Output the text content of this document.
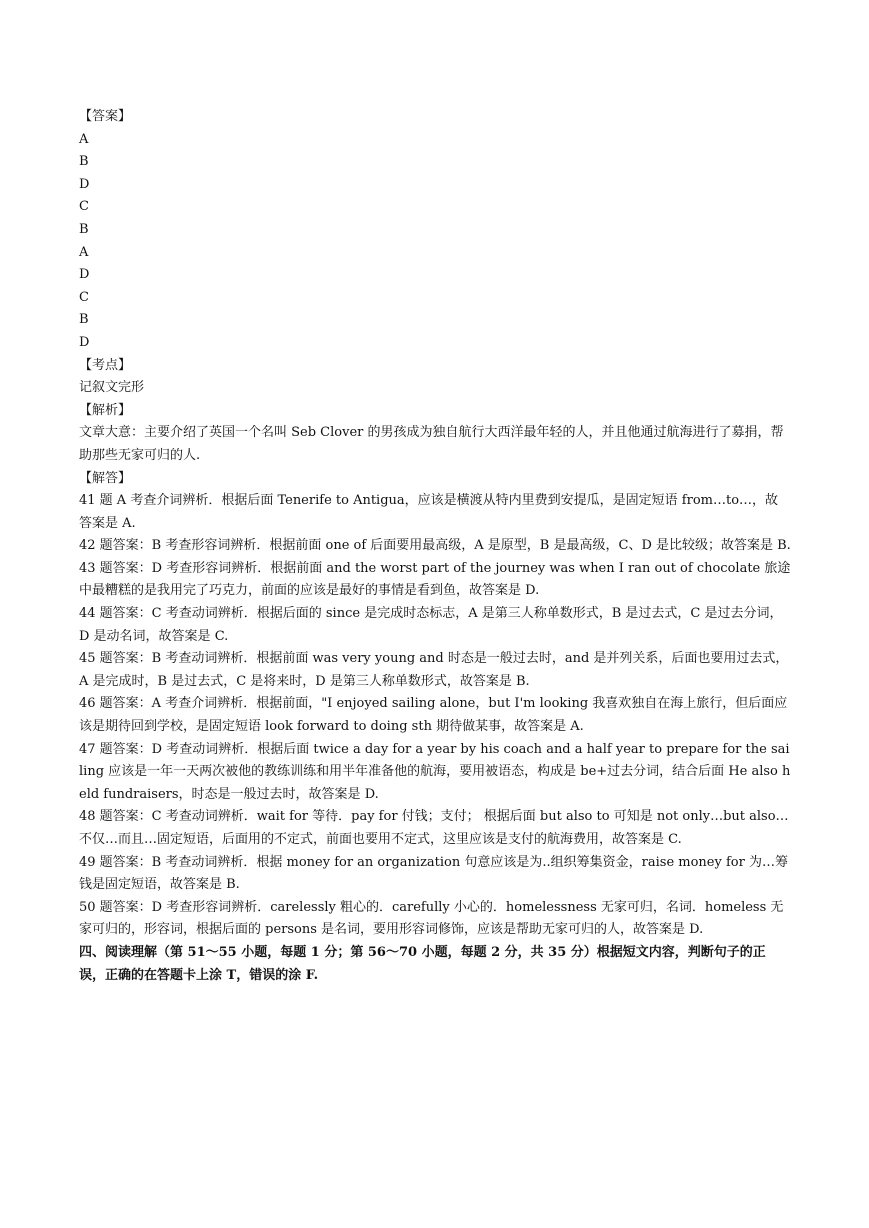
【答案】

A

B

D

C

B

A

D

C

B

D

【考点】

记叙文完形

【解析】

文章大意：主要介绍了英国一个名叫 Seb Clover 的男孩成为独自航行大西洋最年轻的人，并且他通过航海进行了募捐，帮助那些无家可归的人.

【解答】

41 题 A 考查介词辨析．根据后面 Tenerife to Antigua，应该是横渡从特内里费到安提瓜，是固定短语 from…to…，故答案是 A.

42 题答案：B 考查形容词辨析．根据前面 one of 后面要用最高级，A 是原型，B 是最高级，C、D 是比较级；故答案是 B.

43 题答案：D 考查形容词辨析．根据前面 and the worst part of the journey was when I ran out of chocolate 旅途中最糟糕的是我用完了巧克力，前面的应该是最好的事情是看到鱼，故答案是 D.

44 题答案：C 考查动词辨析．根据后面的 since 是完成时态标志，A 是第三人称单数形式，B 是过去式，C 是过去分词，D 是动名词，故答案是 C.

45 题答案：B 考查动词辨析．根据前面 was very young and 时态是一般过去时，and 是并列关系，后面也要用过去式，A 是完成时，B 是过去式，C 是将来时，D 是第三人称单数形式，故答案是 B.

46 题答案：A 考查介词辨析．根据前面，"I enjoyed sailing alone，but I'm looking 我喜欢独自在海上旅行，但后面应该是期待回到学校，是固定短语 look forward to doing sth 期待做某事，故答案是 A.

47 题答案：D 考查动词辨析．根据后面 twice a day for a year by his coach and a half year to prepare for the sailing 应该是一年一天两次被他的教练训练和用半年准备他的航海，要用被语态，构成是 be+过去分词，结合后面 He also held fundraisers，时态是一般过去时，故答案是 D.

48 题答案：C 考查动词辨析．wait for 等待．pay for 付钱；支付； 根据后面 but also to 可知是 not only…but also…不仅…而且…固定短语，后面用的不定式，前面也要用不定式，这里应该是支付的航海费用，故答案是 C.

49 题答案：B 考查动词辨析．根据 money for an organization 句意应该是为..组织筹集资金，raise money for 为…筹钱是固定短语，故答案是 B.

50 题答案：D 考查形容词辨析．carelessly 粗心的．carefully 小心的．homelessness 无家可归，名词．homeless 无家可归的，形容词，根据后面的 persons 是名词，要用形容词修饰，应该是帮助无家可归的人，故答案是 D.

四、阅读理解（第 51～55 小题，每题 1 分；第 56～70 小题，每题 2 分，共 35 分）根据短文内容，判断句子的正误，正确的在答题卡上涂 T，错误的涂 F.
